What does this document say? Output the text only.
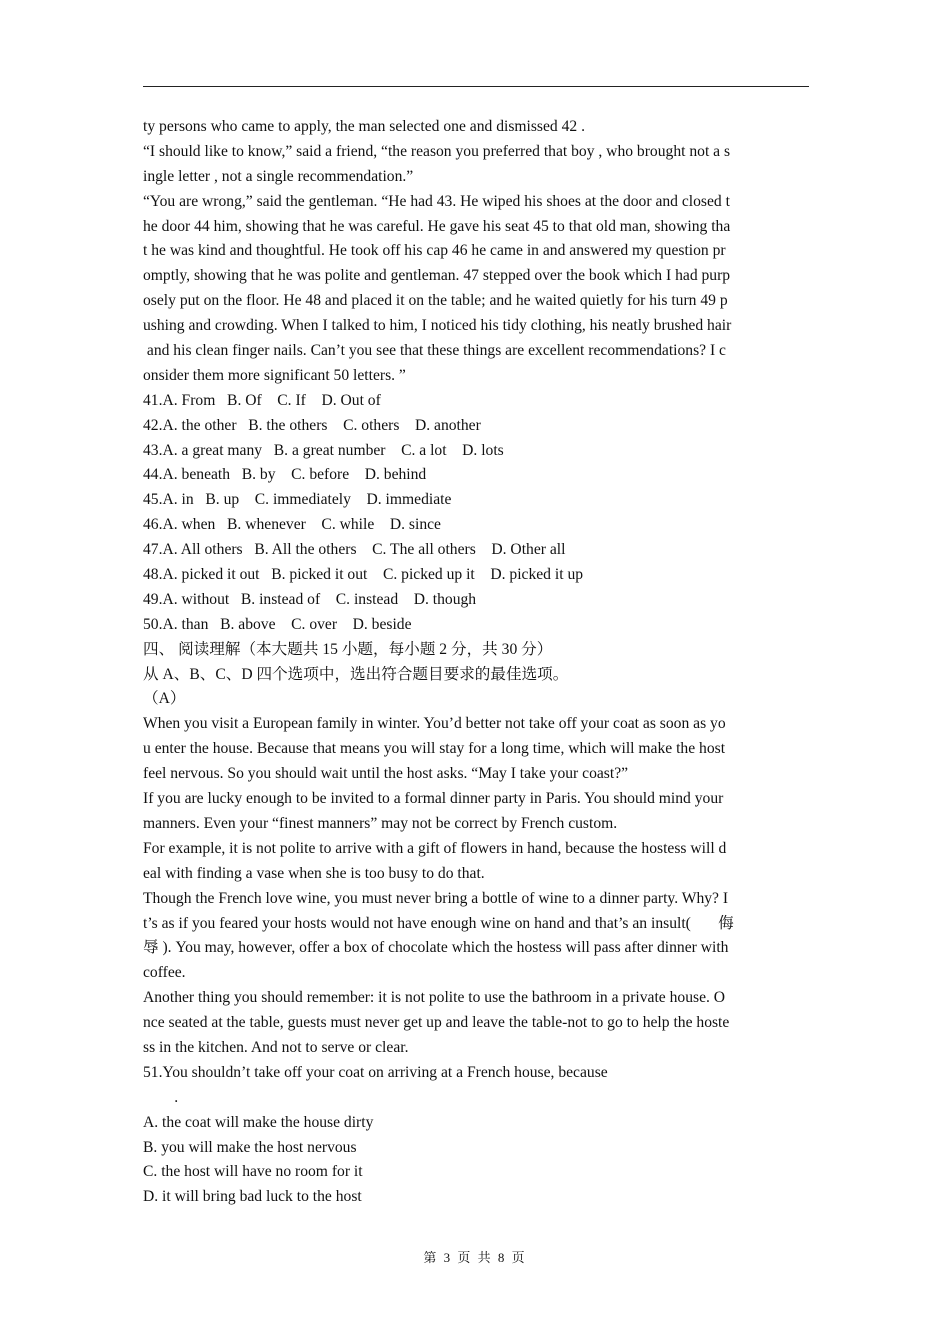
ty persons who came to apply, the man selected one and dismissed 42 .
“I should like to know,” said a friend, “the reason you preferred that boy , who brought not a s
ingle letter , not a single recommendation.”
“You are wrong,” said the gentleman. “He had 43. He wiped his shoes at the door and closed t
he door 44 him, showing that he was careful. He gave his seat 45 to that old man, showing tha
t he was kind and thoughtful. He took off his cap 46 he came in and answered my question pr
omptly, showing that he was polite and gentleman. 47 stepped over the book which I had purp
osely put on the floor. He 48 and placed it on the table; and he waited quietly for his turn 49 p
ushing and crowding. When I talked to him, I noticed his tidy clothing, his neatly brushed hair
and his clean finger nails. Can’t you see that these things are excellent recommendations? I c
onsider them more significant 50 letters. ”
41.A. From   B. Of    C. If    D. Out of
42.A. the other   B. the others    C. others    D. another
43.A. a great many   B. a great number    C. a lot    D. lots
44.A. beneath   B. by    C. before    D. behind
45.A. in   B. up    C. immediately    D. immediate
46.A. when   B. whenever    C. while    D. since
47.A. All others   B. All the others    C. The all others    D. Other all
48.A. picked it out   B. picked it out    C. picked up it    D. picked it up
49.A. without   B. instead of    C. instead    D. though
50.A. than   B. above    C. over    D. beside
四、 阅读理解（本大题共 15 小题，每小题 2 分，共 30 分）
从 A、B、C、D 四个选项中，选出符合题目要求的最佳选项。
（A）
When you visit a European family in winter. You’d better not take off your coat as soon as yo
u enter the house. Because that means you will stay for a long time, which will make the host
feel nervous. So you should wait until the host asks. “May I take your coast?”
If you are lucky enough to be invited to a formal dinner party in Paris. You should mind your
manners. Even your “finest manners” may not be correct by French custom.
For example, it is not polite to arrive with a gift of flowers in hand, because the hostess will d
eal with finding a vase when she is too busy to do that.
Though the French love wine, you must never bring a bottle of wine to a dinner party. Why? I
t’s as if you feared your hosts would not have enough wine on hand and that’s an insult(       侮
辱 ). You may, however, offer a box of chocolate which the hostess will pass after dinner with
coffee.
Another thing you should remember: it is not polite to use the bathroom in a private house. O
nce seated at the table, guests must never get up and leave the table-not to go to help the hoste
ss in the kitchen. And not to serve or clear.
51.You shouldn’t take off your coat on arriving at a French house, because
.
A. the coat will make the house dirty
B. you will make the host nervous
C. the host will have no room for it
D. it will bring bad luck to the host
第 3 页 共 8 页
